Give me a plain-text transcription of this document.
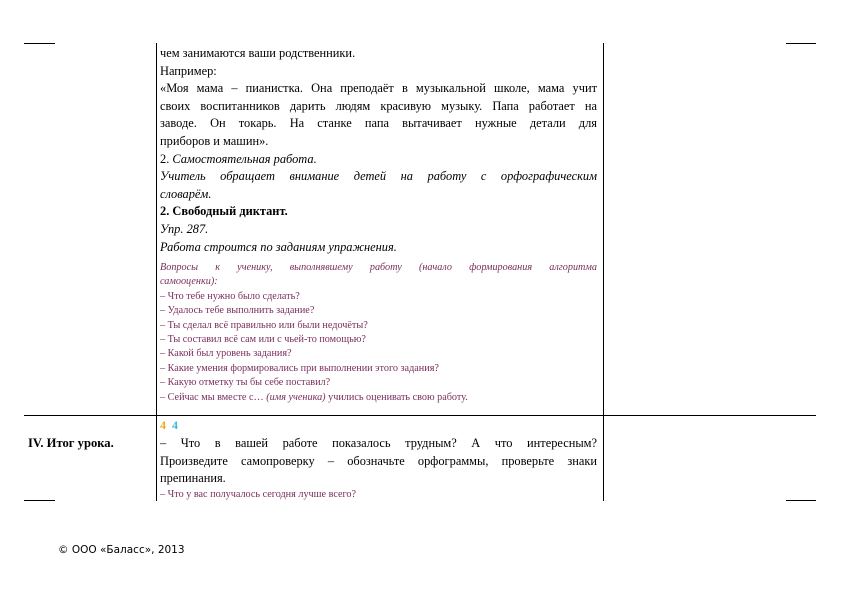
чем занимаются ваши родственники.
Например:
«Моя мама – пианистка. Она преподаёт в музыкальной школе, мама учит
своих воспитанников дарить людям красивую музыку. Папа работает на
заводе. Он токарь. На станке папа вытачивает нужные детали для
приборов и машин».
2. Самостоятельная работа.
Учитель обращает внимание детей на работу с орфографическим
словарём.
2. Свободный диктант.
Упр. 287.
Работа строится по заданиям упражнения.
Вопросы к ученику, выполнявшему работу (начало формирования алгоритма
самооценки):
– Что тебе нужно было сделать?
– Удалось тебе выполнить задание?
– Ты сделал всё правильно или были недочёты?
– Ты составил всё сам или с чьей-то помощью?
– Какой был уровень задания?
– Какие умения формировались при выполнении этого задания?
– Какую отметку ты бы себе поставил?
– Сейчас мы вместе с… (имя ученика) учились оценивать свою работу.
IV. Итог урока.
4 4
– Что в вашей работе показалось трудным? А что интересным?
Произведите самопроверку – обозначьте орфограммы, проверьте знаки
препинания.
– Что у вас получалось сегодня лучше всего?
© ООО «Баласс», 2013
